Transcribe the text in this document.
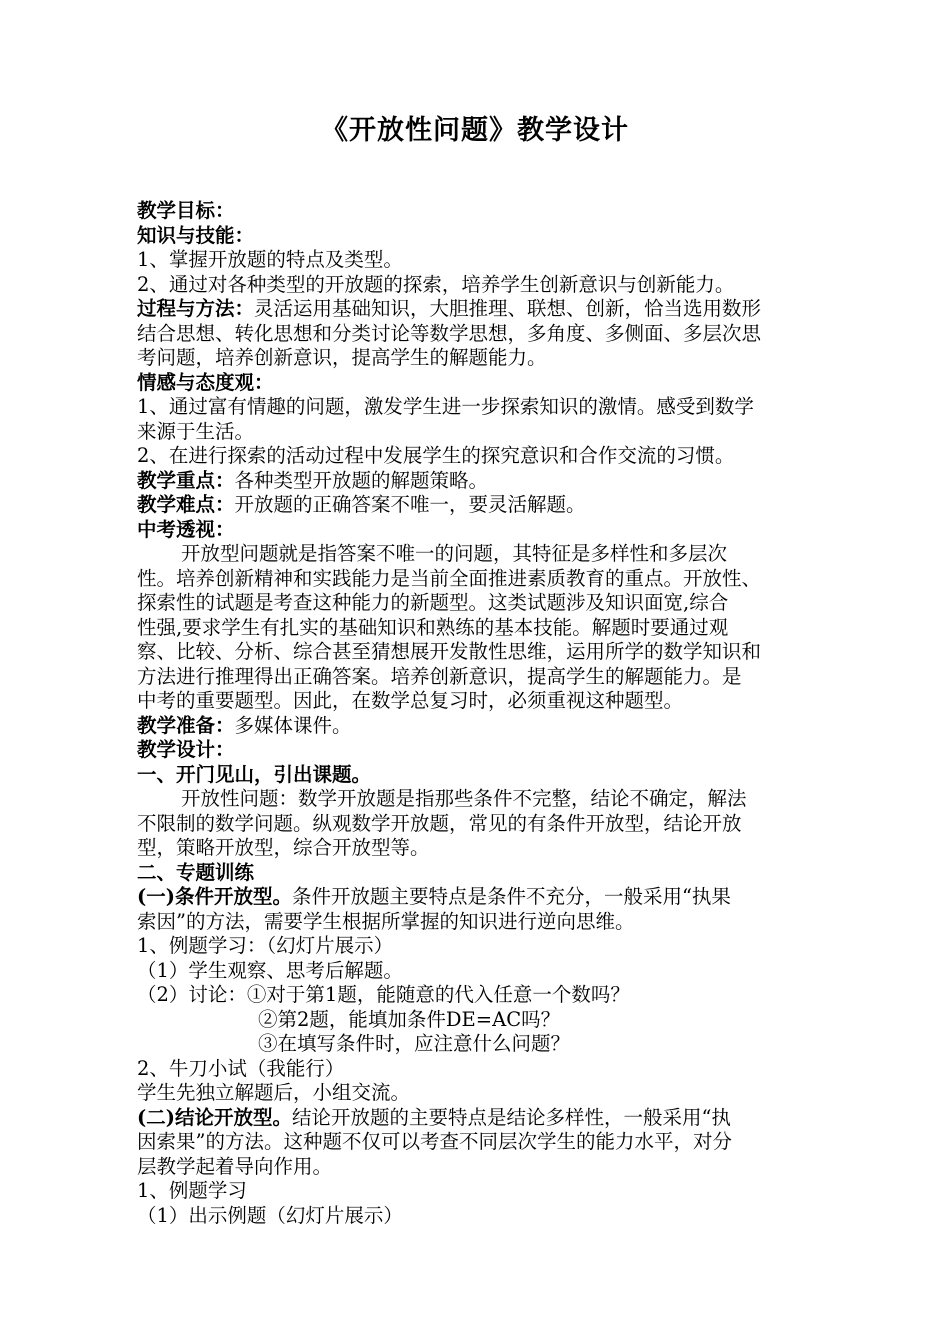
《开放性问题》教学设计

教学目标：

知识与技能：

1、掌握开放题的特点及类型。

2、通过对各种类型的开放题的探索，培养学生创新意识与创新能力。

过程与方法：灵活运用基础知识，大胆推理、联想、创新，恰当选用数形

结合思想、转化思想和分类讨论等数学思想，多角度、多侧面、多层次思

考问题，培养创新意识，提高学生的解题能力。

情感与态度观：

1、通过富有情趣的问题，激发学生进一步探索知识的激情。感受到数学

来源于生活。

2、在进行探索的活动过程中发展学生的探究意识和合作交流的习惯。

教学重点：各种类型开放题的解题策略。

教学难点：开放题的正确答案不唯一，要灵活解题。

中考透视：

开放型问题就是指答案不唯一的问题，其特征是多样性和多层次

性。培养创新精神和实践能力是当前全面推进素质教育的重点。开放性、

探索性的试题是考查这种能力的新题型。这类试题涉及知识面宽,综合

性强,要求学生有扎实的基础知识和熟练的基本技能。解题时要通过观

察、比较、分析、综合甚至猜想展开发散性思维，运用所学的数学知识和

方法进行推理得出正确答案。培养创新意识，提高学生的解题能力。是

中考的重要题型。因此，在数学总复习时，必须重视这种题型。

教学准备：多媒体课件。

教学设计：

一、开门见山，引出课题。

开放性问题：数学开放题是指那些条件不完整，结论不确定，解法

不限制的数学问题。纵观数学开放题，常见的有条件开放型，结论开放

型，策略开放型，综合开放型等。

二、专题训练

(一)条件开放型。条件开放题主要特点是条件不充分，一般采用“执果

索因”的方法，需要学生根据所掌握的知识进行逆向思维。

1、例题学习：（幻灯片展示）

（1）学生观察、思考后解题。

（2）讨论：①对于第1题，能随意的代入任意一个数吗？

②第2题，能填加条件DE=AC吗？

③在填写条件时，应注意什么问题？

2、牛刀小试（我能行）

学生先独立解题后，小组交流。

(二)结论开放型。结论开放题的主要特点是结论多样性，一般采用“执

因索果”的方法。这种题不仅可以考查不同层次学生的能力水平，对分

层教学起着导向作用。

1、例题学习

（1）出示例题（幻灯片展示）
